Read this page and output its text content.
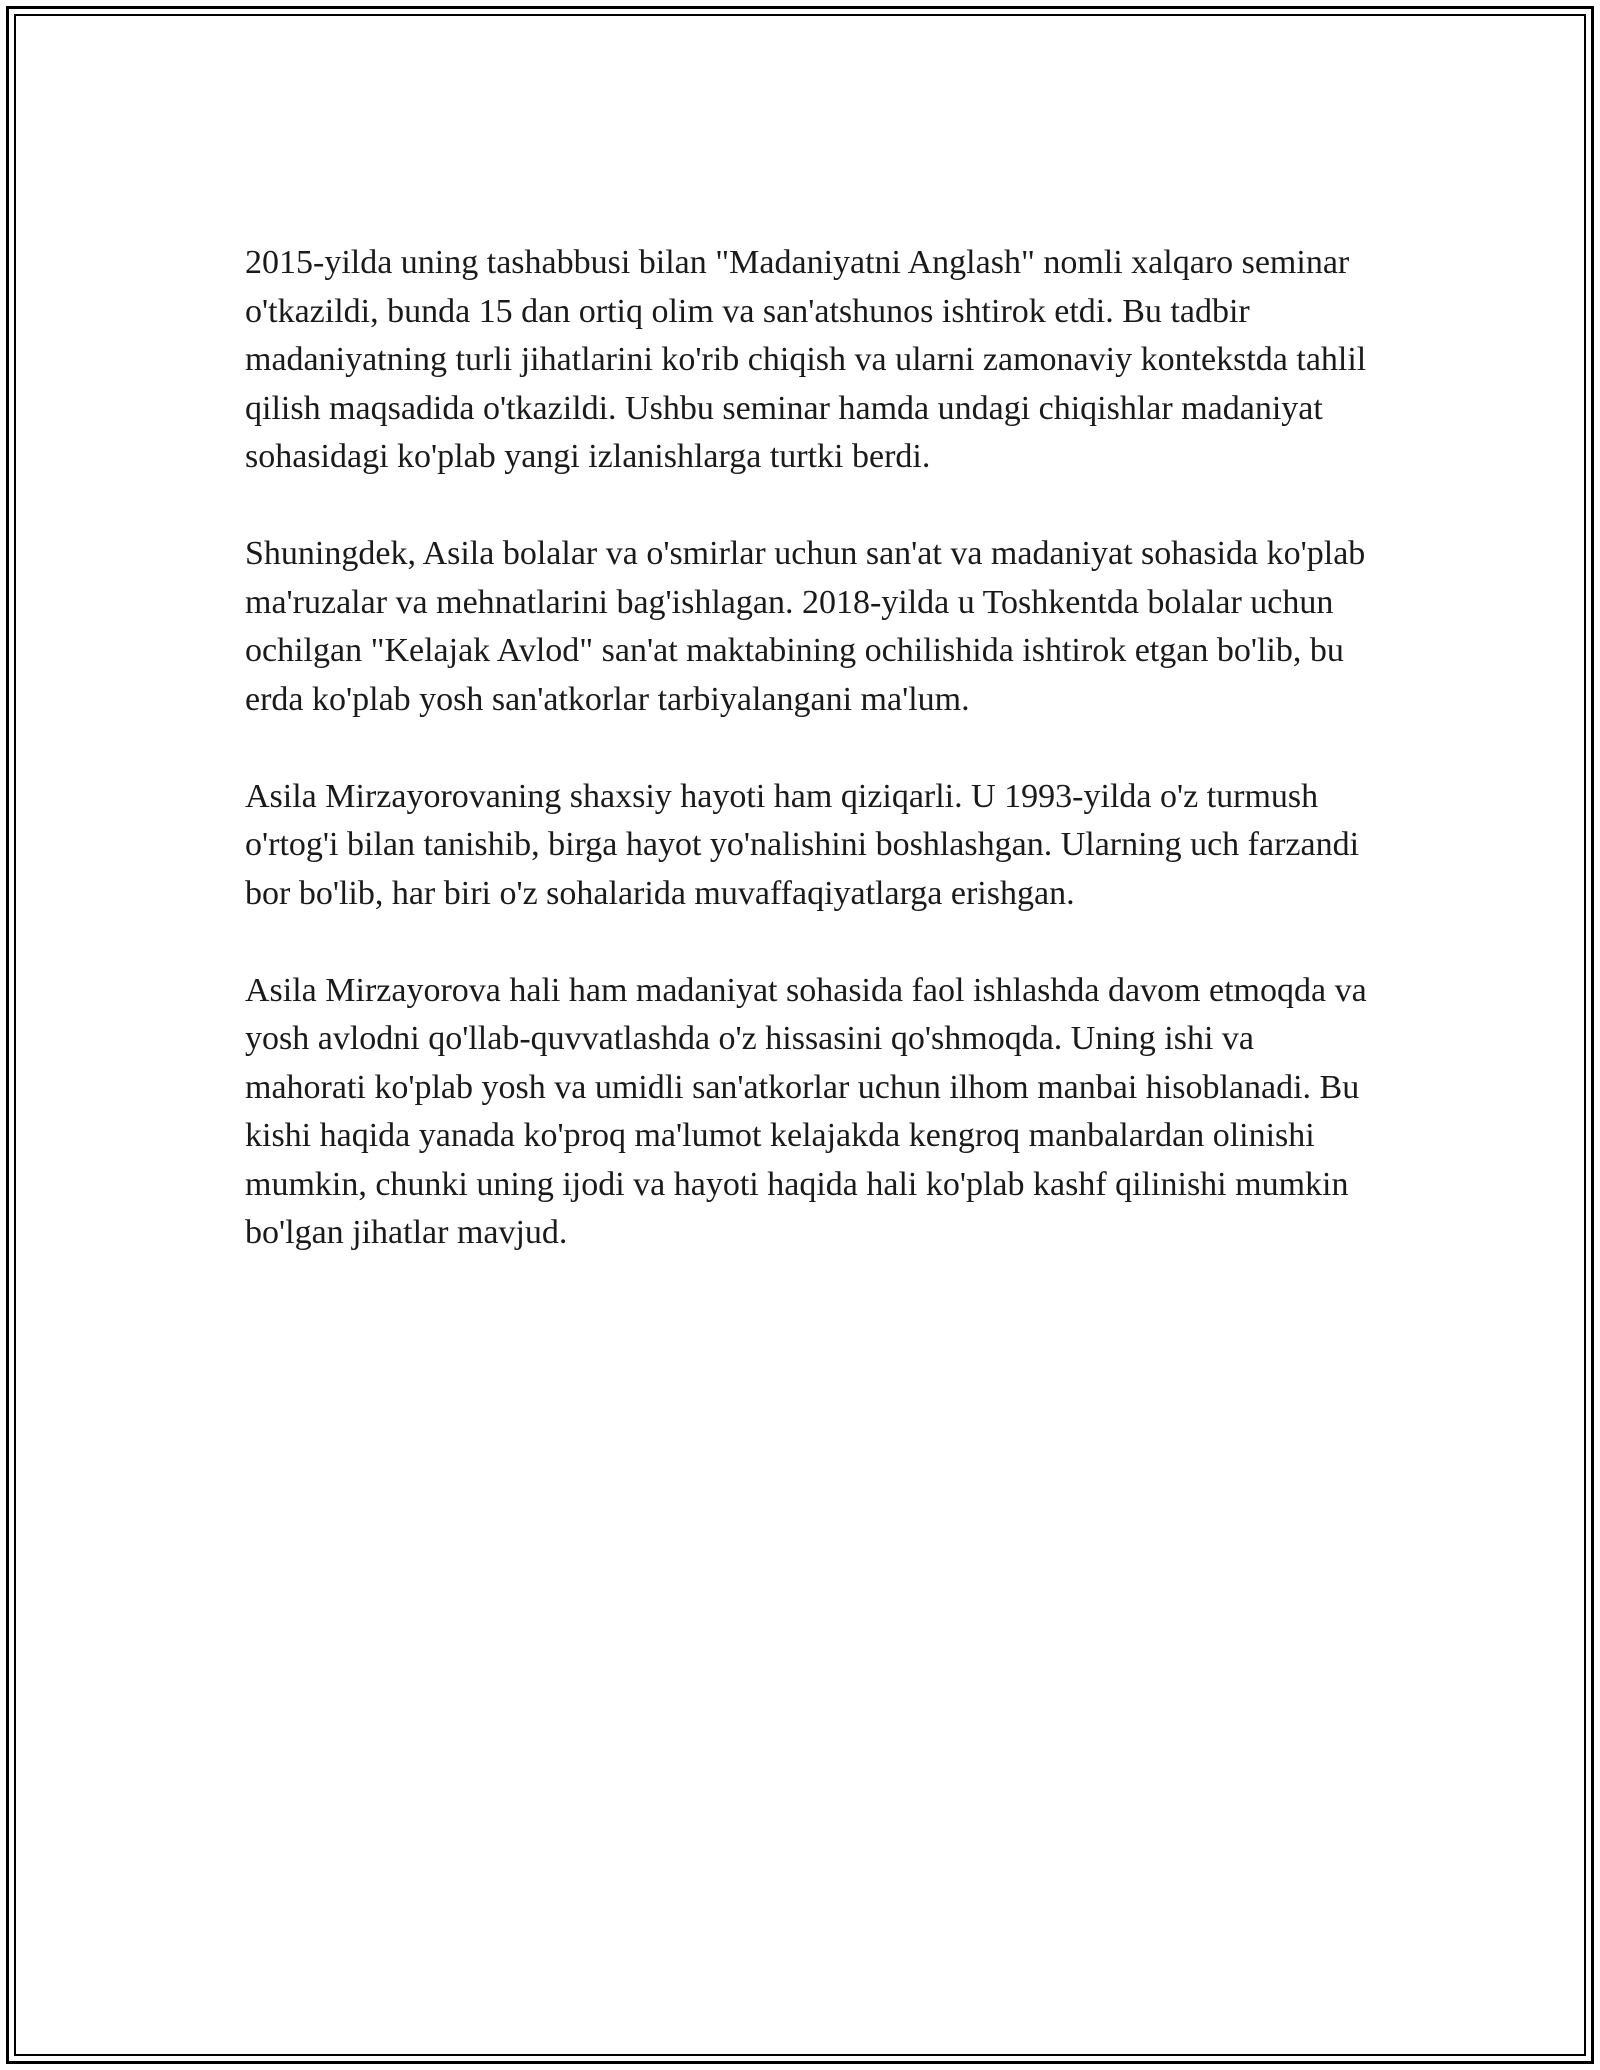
2015-yilda uning tashabbusi bilan "Madaniyatni Anglash" nomli xalqaro seminar o'tkazildi, bunda 15 dan ortiq olim va san'atshunos ishtirok etdi. Bu tadbir madaniyatning turli jihatlarini ko'rib chiqish va ularni zamonaviy kontekstda tahlil qilish maqsadida o'tkazildi. Ushbu seminar hamda undagi chiqishlar madaniyat sohasidagi ko'plab yangi izlanishlarga turtki berdi.

Shuningdek, Asila bolalar va o'smirlar uchun san'at va madaniyat sohasida ko'plab ma'ruzalar va mehnatlarini bag'ishlagan. 2018-yilda u Toshkentda bolalar uchun ochilgan "Kelajak Avlod" san'at maktabining ochilishida ishtirok etgan bo'lib, bu erda ko'plab yosh san'atkorlar tarbiyalangani ma'lum.

Asila Mirzayorovaning shaxsiy hayoti ham qiziqarli. U 1993-yilda o'z turmush o'rtog'i bilan tanishib, birga hayot yo'nalishini boshlashgan. Ularning uch farzandi bor bo'lib, har biri o'z sohalarida muvaffaqiyatlarga erishgan.

Asila Mirzayorova hali ham madaniyat sohasida faol ishlashda davom etmoqda va yosh avlodni qo'llab-quvvatlashda o'z hissasini qo'shmoqda. Uning ishi va mahorati ko'plab yosh va umidli san'atkorlar uchun ilhom manbai hisoblanadi. Bu kishi haqida yanada ko'proq ma'lumot kelajakda kengroq manbalardan olinishi mumkin, chunki uning ijodi va hayoti haqida hali ko'plab kashf qilinishi mumkin bo'lgan jihatlar mavjud.
